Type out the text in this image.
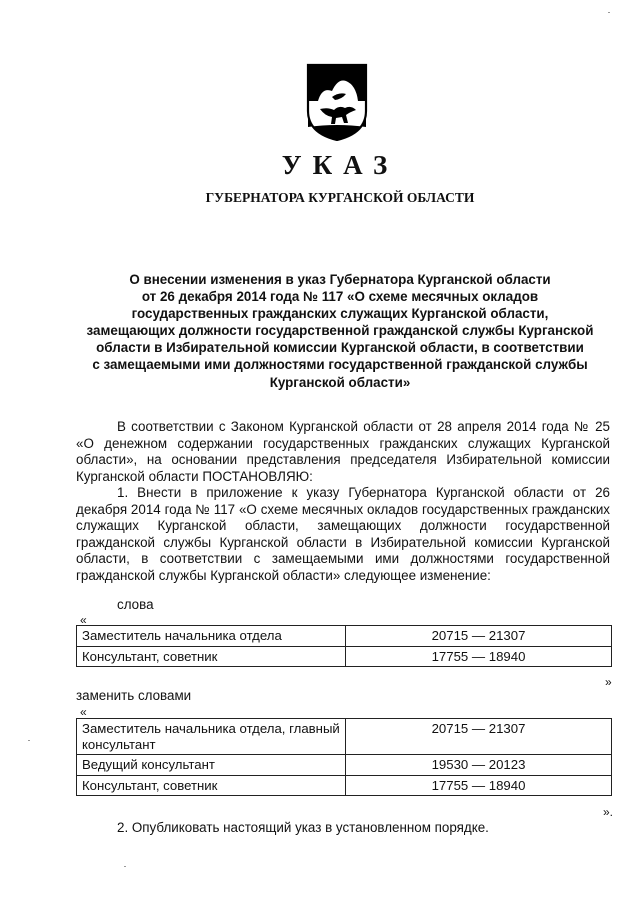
УКАЗ
ГУБЕРНАТОРА КУРГАНСКОЙ ОБЛАСТИ
О внесении изменения в указ Губернатора Курганской области
от 26 декабря 2014 года № 117 «О схеме месячных окладов
государственных гражданских служащих Курганской области,
замещающих должности государственной гражданской службы Курганской
области в Избирательной комиссии Курганской области, в соответствии
с замещаемыми ими должностями государственной гражданской службы
Курганской области»
В соответствии с Законом Курганской области от 28 апреля 2014 года № 25 «О денежном содержании государственных гражданских служащих Курганской области», на основании представления председателя Избирательной комиссии Курганской области ПОСТАНОВЛЯЮ:
1. Внести в приложение к указу Губернатора Курганской области от 26 декабря 2014 года № 117 «О схеме месячных окладов государственных гражданских служащих Курганской области, замещающих должности государственной гражданской службы Курганской области в Избирательной комиссии Курганской области, в соответствии с замещаемыми ими должностями государственной гражданской службы Курганской области» следующее изменение:
слова
«
Заместитель начальника отдела	20715 — 21307
Консультант, советник	17755 — 18940
»
заменить словами
«
Заместитель начальника отдела, главный консультант	20715 — 21307
Ведущий консультант	19530 — 20123
Консультант, советник	17755 — 18940
».
2. Опубликовать настоящий указ в установленном порядке.
